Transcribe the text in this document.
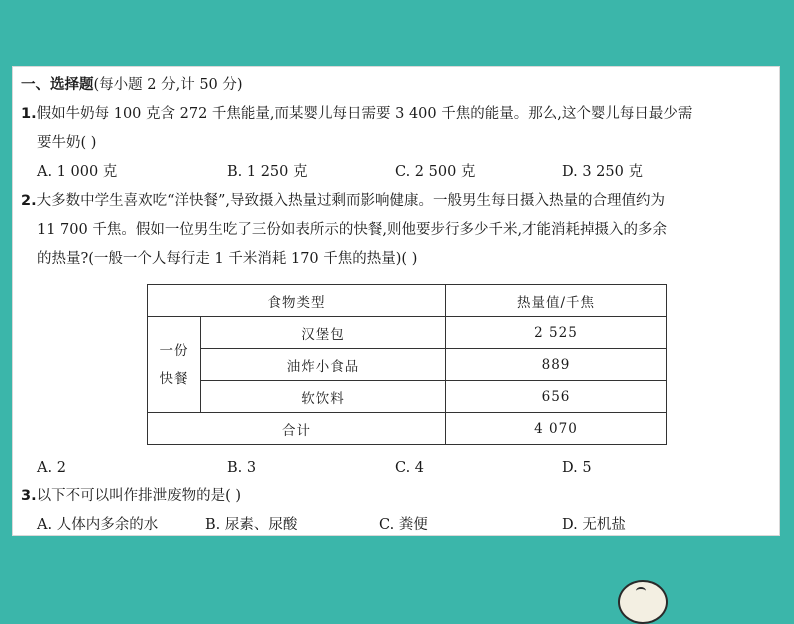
一、选择题(每小题 2 分,计 50 分)
1.假如牛奶每 100 克含 272 千焦能量,而某婴儿每日需要 3 400 千焦的能量。那么,这个婴儿每日最少需
要牛奶( )
A. 1 000 克	B. 1 250 克	C. 2 500 克	D. 3 250 克
2.大多数中学生喜欢吃“洋快餐”,导致摄入热量过剩而影响健康。一般男生每日摄入热量的合理值约为
11 700 千焦。假如一位男生吃了三份如表所示的快餐,则他要步行多少千米,才能消耗掉摄入的多余
的热量?(一般一个人每行走 1 千米消耗 170 千焦的热量)( )
食物类型		热量值/千焦

一份
快餐	汉堡包	2 525
	油炸小食品	889
	软饮料	656
合计		4 070
A. 2	B. 3	C. 4	D. 5
3.以下不可以叫作排泄废物的是( )
A. 人体内多余的水	B. 尿素、尿酸	C. 粪便	D. 无机盐
